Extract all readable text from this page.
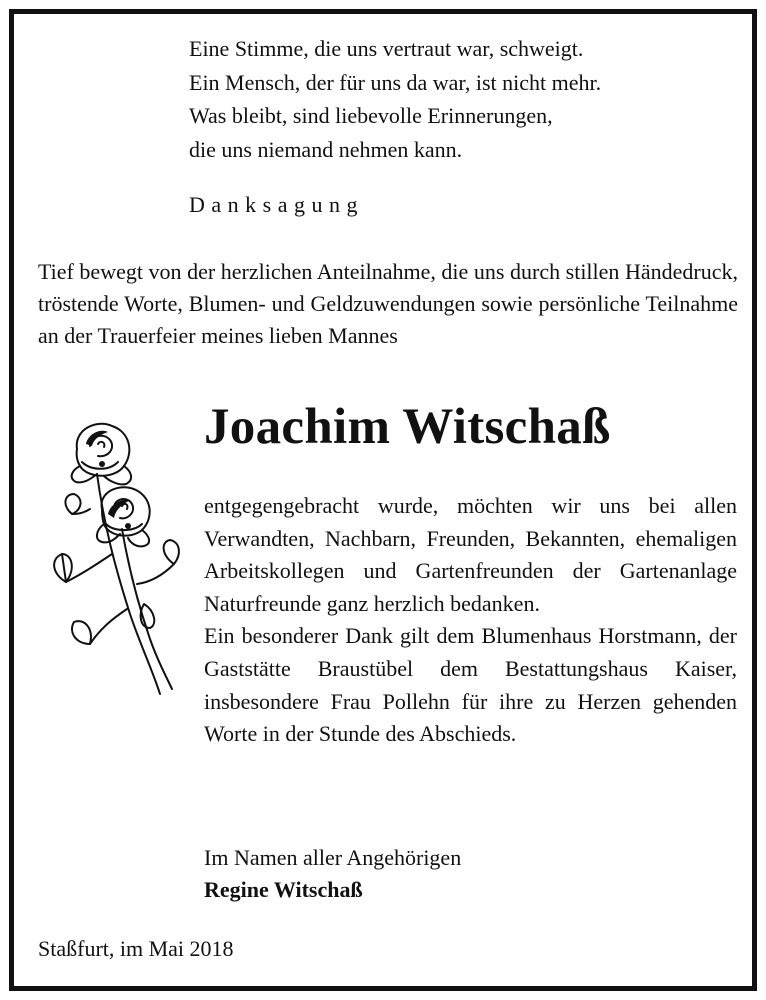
Eine Stimme, die uns vertraut war, schweigt.
Ein Mensch, der für uns da war, ist nicht mehr.
Was bleibt, sind liebevolle Erinnerungen,
die uns niemand nehmen kann.
Danksagung
Tief bewegt von der herzlichen Anteilnahme, die uns durch stillen Händedruck, tröstende Worte, Blumen- und Geldzuwendungen sowie persönliche Teilnahme an der Trauerfeier meines lieben Mannes
Joachim Witschaß

entgegengebracht wurde, möchten wir uns bei allen Verwandten, Nachbarn, Freunden, Bekannten, ehemaligen Arbeitskollegen und Gartenfreunden der Gartenanlage Naturfreunde ganz herzlich bedanken.

Ein besonderer Dank gilt dem Blumenhaus Horstmann, der Gaststätte Braustübel dem Bestattungshaus Kaiser, insbesondere Frau Pollehn für ihre zu Herzen gehenden Worte in der Stunde des Abschieds.

Im Namen aller Angehörigen
Regine Witschaß
Staßfurt, im Mai 2018
